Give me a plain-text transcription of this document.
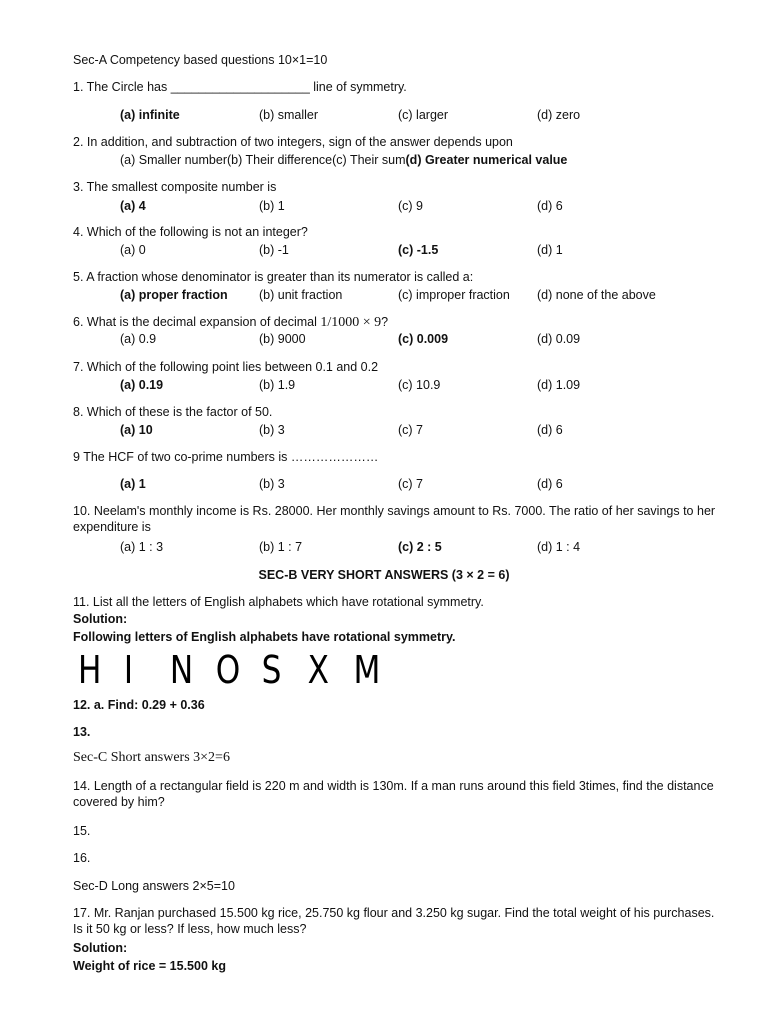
Sec-A Competency based questions 10×1=10
1. The Circle has ____________________ line of symmetry.
(a) infinite	(b) smaller	(c) larger	(d) zero
2. In addition, and subtraction of two integers, sign of the answer depends upon
(a) Smaller number(b) Their difference(c) Their sum(d) Greater numerical value
3. The smallest composite number is
(a) 4	(b) 1	(c) 9	(d) 6
4. Which of the following is not an integer?
(a) 0	(b) -1	(c) -1.5	(d) 1
5. A fraction whose denominator is greater than its numerator is called a:
(a) proper fraction	(b) unit fraction	(c) improper fraction (d) none of the above
6. What is the decimal expansion of decimal 1/1000 × 9?
(a) 0.9	(b) 9000	(c) 0.009	(d) 0.09
7. Which of the following point lies between 0.1 and 0.2
(a) 0.19	(b) 1.9	(c) 10.9	(d) 1.09
8. Which of these is the factor of 50.
(a) 10	(b) 3	(c) 7	(d) 6
9 The HCF of two co-prime numbers is …………………
(a) 1	(b) 3	(c) 7	(d) 6
10. Neelam's monthly income is Rs. 28000. Her monthly savings amount to Rs. 7000. The ratio of her savings to her expenditure is
(a) 1 : 3	(b) 1 : 7	(c) 2 : 5	(d) 1 : 4
SEC-B VERY SHORT ANSWERS (3 × 2 = 6)
11. List all the letters of English alphabets which have rotational symmetry.
Solution:
Following letters of English alphabets have rotational symmetry.
H I N O S X M
12. a. Find: 0.29 + 0.36
13.
Sec-C Short answers 3×2=6
14. Length of a rectangular field is 220 m and width is 130m. If a man runs around this field 3times, find the distance covered by him?
15.
16.
Sec-D Long answers 2×5=10
17. Mr. Ranjan purchased 15.500 kg rice, 25.750 kg flour and 3.250 kg sugar. Find the total weight of his purchases. Is it 50 kg or less? If less, how much less?
Solution:
Weight of rice = 15.500 kg
